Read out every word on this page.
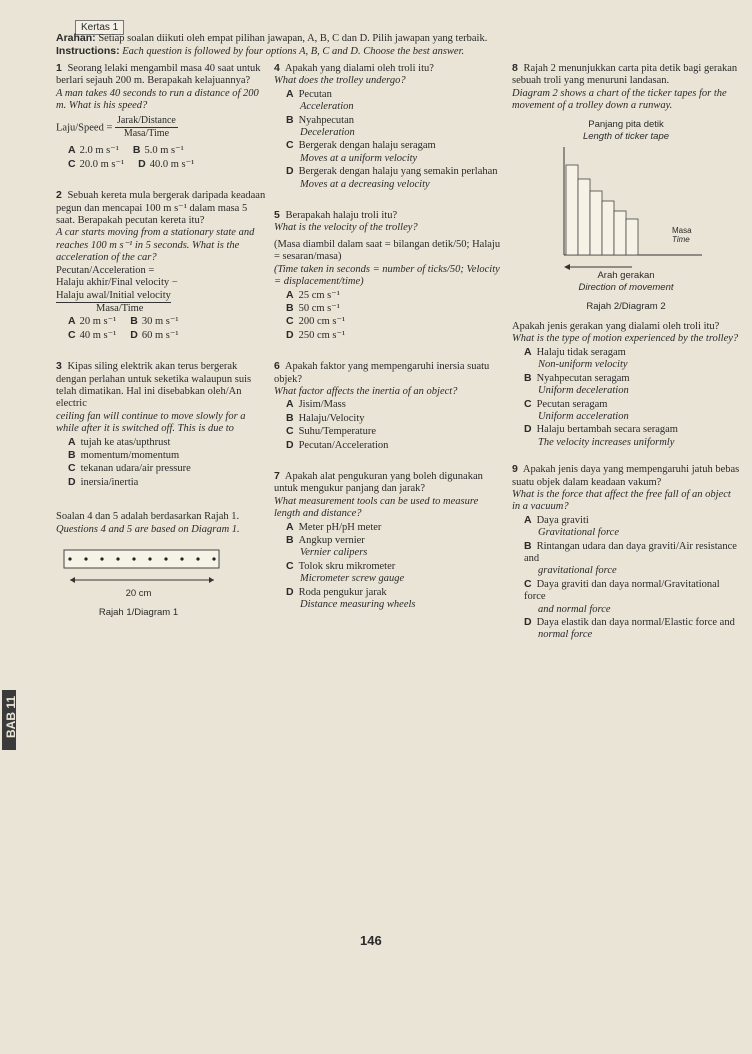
BAB 11
Kertas 1
Arahan: Setiap soalan diikuti oleh empat pilihan jawapan, A, B, C dan D. Pilih jawapan yang terbaik.
Instructions: Each question is followed by four options A, B, C and D. Choose the best answer.
1 Seorang lelaki mengambil masa 40 saat untuk berlari sejauh 200 m. Berapakah kelajuannya?
A man takes 40 seconds to run a distance of 200 m. What is his speed?
Laju/Speed = $\frac{\text{Jarak/Distance}}{\text{Masa/Time}}$
A 2.0 m s⁻¹ B 5.0 m s⁻¹
C 20.0 m s⁻¹ D 40.0 m s⁻¹
2 Sebuah kereta mula bergerak daripada keadaan pegun dan mencapai 100 m s⁻¹ dalam masa 5 saat. Berapakah pecutan kereta itu?
A car starts moving from a stationary state and reaches 100 m s⁻¹ in 5 seconds. What is the acceleration of the car?
Pecutan/Acceleration =
Halaju akhir/Final velocity −
Halaju awal/Initial velocity
Masa/Time
A 20 m s⁻¹ B 30 m s⁻¹
C 40 m s⁻¹ D 60 m s⁻¹
3 Kipas siling elektrik akan terus bergerak dengan perlahan untuk seketika walaupun suis telah dimatikan. Hal ini disebabkan oleh/An electric
ceiling fan will continue to move slowly for a while after it is switched off. This is due to
A tujah ke atas/upthrust
B momentum/momentum
C tekanan udara/air pressure
D inersia/inertia
Soalan 4 dan 5 adalah berdasarkan Rajah 1.
Questions 4 and 5 are based on Diagram 1.
20 cm
Rajah 1/Diagram 1
4 Apakah yang dialami oleh troli itu?
What does the trolley undergo?
A Pecutan
Acceleration
B Nyahpecutan
Deceleration
C Bergerak dengan halaju seragam
Moves at a uniform velocity
D Bergerak dengan halaju yang semakin perlahan
Moves at a decreasing velocity
5 Berapakah halaju troli itu?
What is the velocity of the trolley?
(Masa diambil dalam saat = bilangan detik/50; Halaju = sesaran/masa)
(Time taken in seconds = number of ticks/50; Velocity = displacement/time)
A 25 cm s⁻¹
B 50 cm s⁻¹
C 200 cm s⁻¹
D 250 cm s⁻¹
6 Apakah faktor yang mempengaruhi inersia suatu objek?
What factor affects the inertia of an object?
A Jisim/Mass
B Halaju/Velocity
C Suhu/Temperature
D Pecutan/Acceleration
7 Apakah alat pengukuran yang boleh digunakan untuk mengukur panjang dan jarak?
What measurement tools can be used to measure length and distance?
A Meter pH/pH meter
B Angkup vernier
Vernier calipers
C Tolok skru mikrometer
Micrometer screw gauge
D Roda pengukur jarak
Distance measuring wheels
8 Rajah 2 menunjukkan carta pita detik bagi gerakan sebuah troli yang menuruni landasan.
Diagram 2 shows a chart of the ticker tapes for the movement of a trolley down a runway.
Panjang pita detik
Length of ticker tape
Masa
Time
Arah gerakan
Direction of movement
Rajah 2/Diagram 2
Apakah jenis gerakan yang dialami oleh troli itu?
What is the type of motion experienced by the trolley?
A Halaju tidak seragam
Non-uniform velocity
B Nyahpecutan seragam
Uniform deceleration
C Pecutan seragam
Uniform acceleration
D Halaju bertambah secara seragam
The velocity increases uniformly
9 Apakah jenis daya yang mempengaruhi jatuh bebas suatu objek dalam keadaan vakum?
What is the force that affect the free fall of an object in a vacuum?
A Daya graviti
Gravitational force
B Rintangan udara dan daya graviti/Air resistance and
gravitational force
C Daya graviti dan daya normal/Gravitational force
and normal force
D Daya elastik dan daya normal/Elastic force and
normal force
146
